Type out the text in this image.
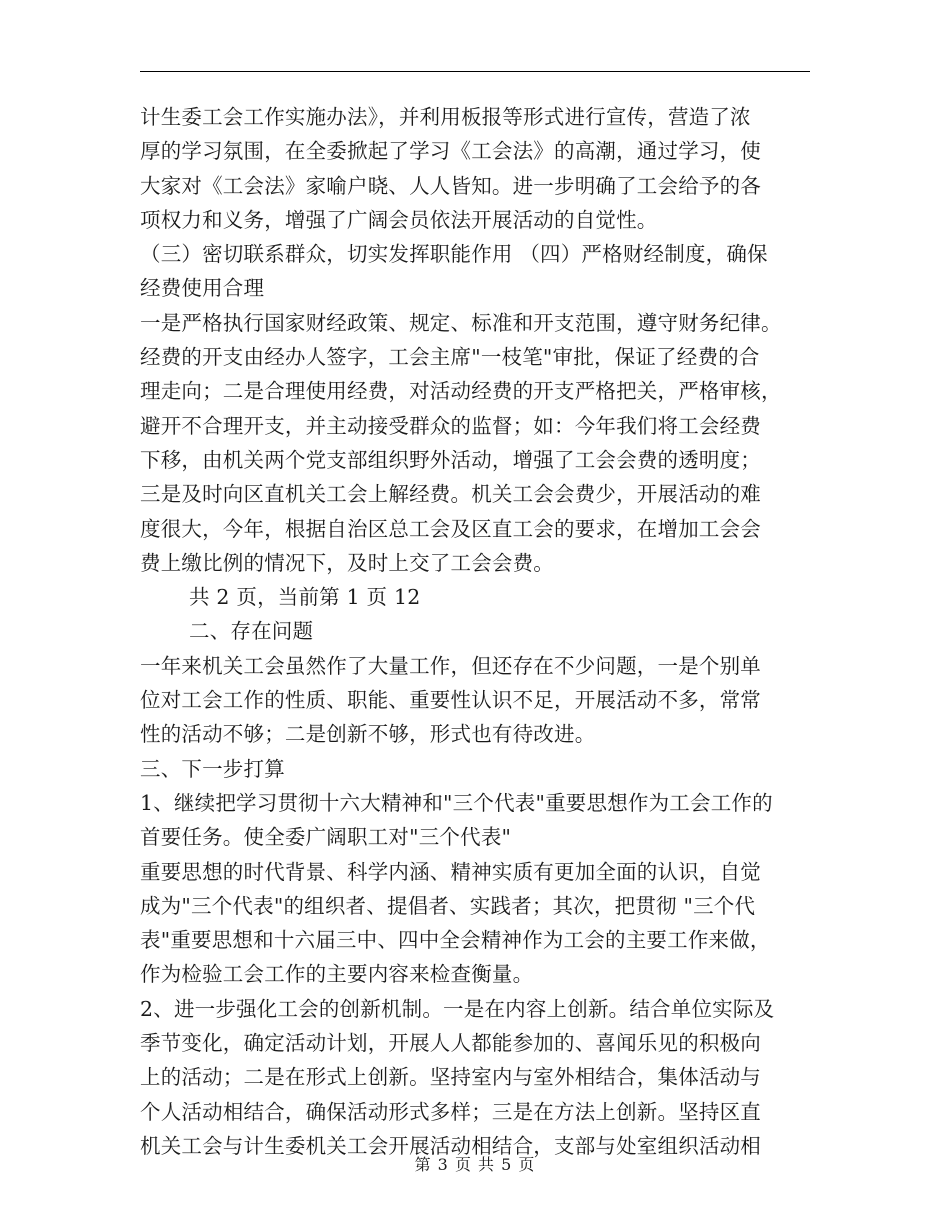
计生委工会工作实施办法》，并利用板报等形式进行宣传，营造了浓
厚的学习氛围，在全委掀起了学习《工会法》的高潮，通过学习，使
大家对《工会法》家喻户晓、人人皆知。进一步明确了工会给予的各
项权力和义务，增强了广阔会员依法开展活动的自觉性。
（三）密切联系群众，切实发挥职能作用 （四）严格财经制度，确保
经费使用合理
一是严格执行国家财经政策、规定、标准和开支范围，遵守财务纪律。
经费的开支由经办人签字，工会主席"一枝笔"审批，保证了经费的合
理走向；二是合理使用经费，对活动经费的开支严格把关，严格审核，
避开不合理开支，并主动接受群众的监督；如：今年我们将工会经费
下移，由机关两个党支部组织野外活动，增强了工会会费的透明度；
三是及时向区直机关工会上解经费。机关工会会费少，开展活动的难
度很大，今年，根据自治区总工会及区直工会的要求，在增加工会会
费上缴比例的情况下，及时上交了工会会费。
共 2 页，当前第 1 页 12
二、存在问题
一年来机关工会虽然作了大量工作，但还存在不少问题，一是个别单
位对工会工作的性质、职能、重要性认识不足，开展活动不多，常常
性的活动不够；二是创新不够，形式也有待改进。
三、下一步打算
1、继续把学习贯彻十六大精神和"三个代表"重要思想作为工会工作的
首要任务。使全委广阔职工对"三个代表"
重要思想的时代背景、科学内涵、精神实质有更加全面的认识，自觉
成为"三个代表"的组织者、提倡者、实践者；其次，把贯彻 "三个代
表"重要思想和十六届三中、四中全会精神作为工会的主要工作来做，
作为检验工会工作的主要内容来检查衡量。
2、进一步强化工会的创新机制。一是在内容上创新。结合单位实际及
季节变化，确定活动计划，开展人人都能参加的、喜闻乐见的积极向
上的活动；二是在形式上创新。坚持室内与室外相结合，集体活动与
个人活动相结合，确保活动形式多样；三是在方法上创新。坚持区直
机关工会与计生委机关工会开展活动相结合，支部与处室组织活动相
第 3 页 共 5 页
